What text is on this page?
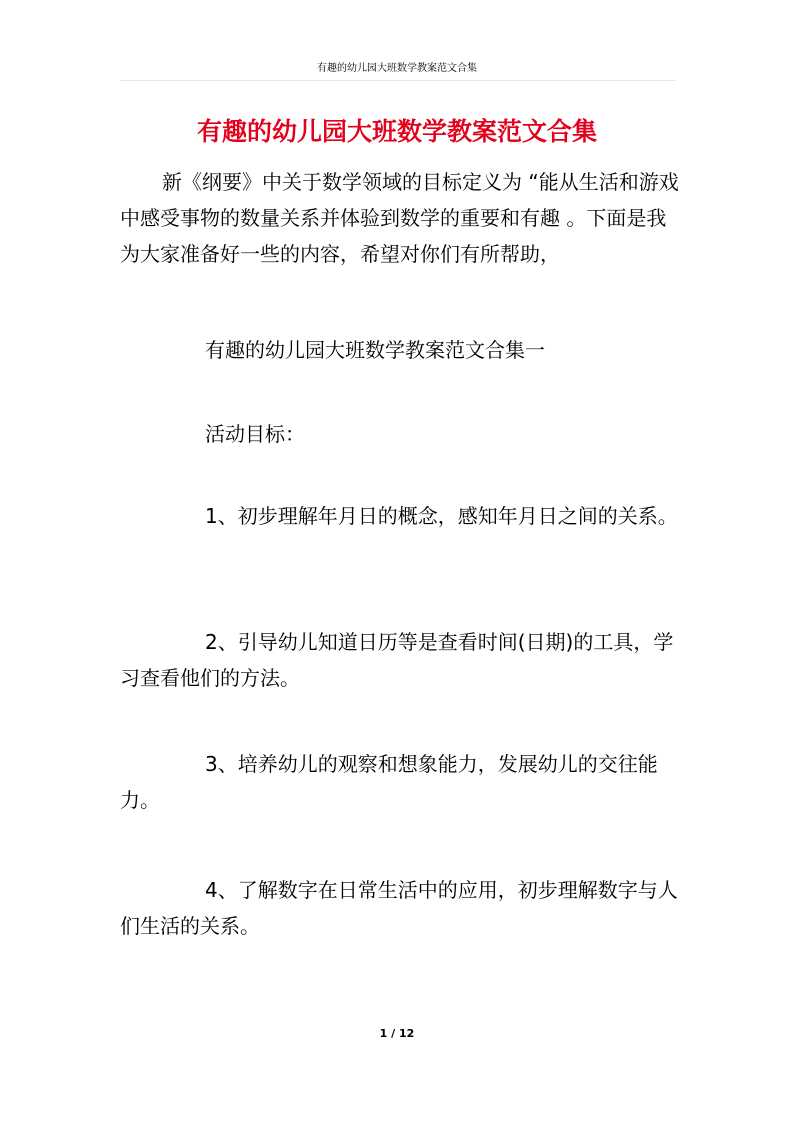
有趣的幼儿园大班数学教案范文合集
有趣的幼儿园大班数学教案范文合集

新《纲要》中关于数学领域的目标定义为 “能从生活和游戏中感受事物的数量关系并体验到数学的重要和有趣 。下面是我为大家准备好一些的内容，希望对你们有所帮助，

有趣的幼儿园大班数学教案范文合集一

活动目标：

1、初步理解年月日的概念，感知年月日之间的关系。

2、引导幼儿知道日历等是查看时间(日期)的工具，学习查看他们的方法。

3、培养幼儿的观察和想象能力，发展幼儿的交往能力。

4、了解数字在日常生活中的应用，初步理解数字与人们生活的关系。

1 / 12
